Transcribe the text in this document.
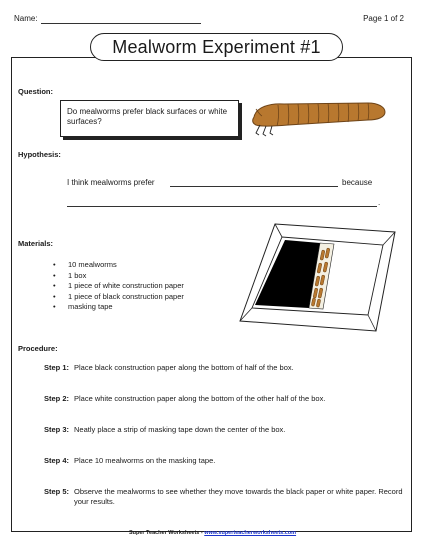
Name:	Page 1 of 2
Mealworm Experiment #1
Question:
Do mealworms prefer black surfaces or white surfaces?
Hypothesis:
I think mealworms prefer	because
.
Materials:
• 10 mealworms
• 1 box
• 1 piece of white construction paper
• 1 piece of black construction paper
• masking tape
Procedure:
Step 1: Place black construction paper along the bottom of half of the box.
Step 2: Place white construction paper along the bottom of the other half of the box.
Step 3: Neatly place a strip of masking tape down the center of the box.
Step 4: Place 10 mealworms on the masking tape.
Step 5: Observe the mealworms to see whether they move towards the black paper or white paper. Record your results.
Super Teacher Worksheets - www.superteacherworksheets.com
